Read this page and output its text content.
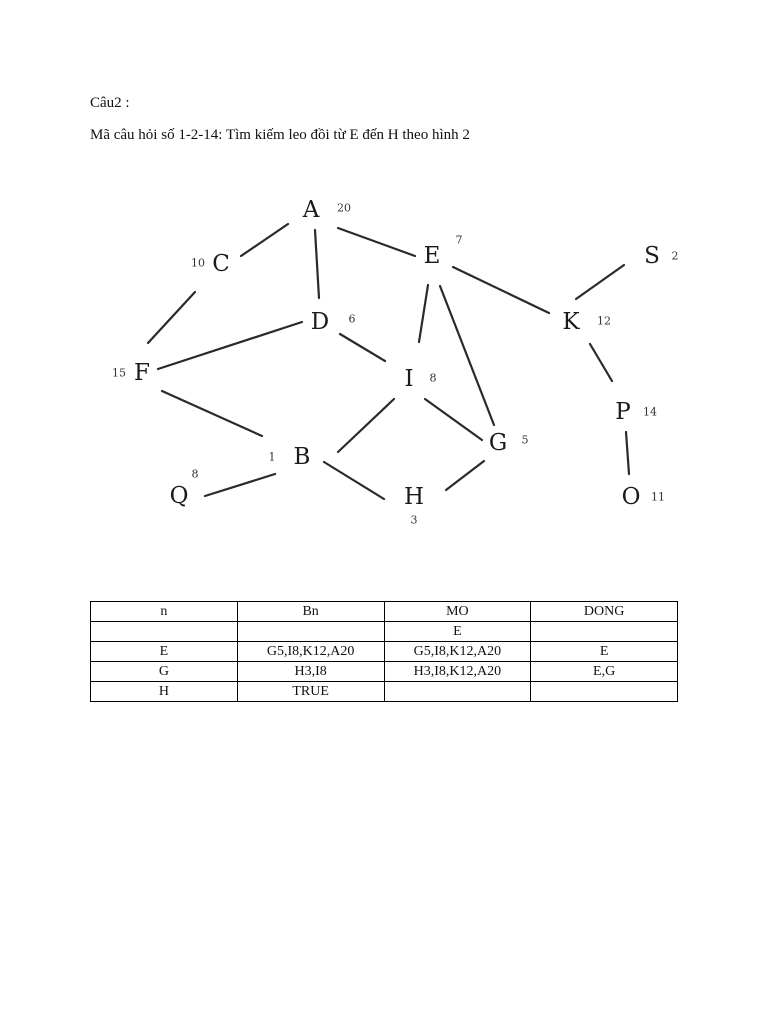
Câu2 :
Mã câu hỏi số 1-2-14: Tìm kiếm leo đồi từ E đến H theo hình 2
A 20
C
10	E
7
S 2
D 6	K 12
F
15	I 8
P 14
B
1
G 5
Q
8
H
3
O 11
n	Bn	MO	DONG
		E	
E	G5,I8,K12,A20	G5,I8,K12,A20	E
G	H3,I8	H3,I8,K12,A20	E,G
H	TRUE		
